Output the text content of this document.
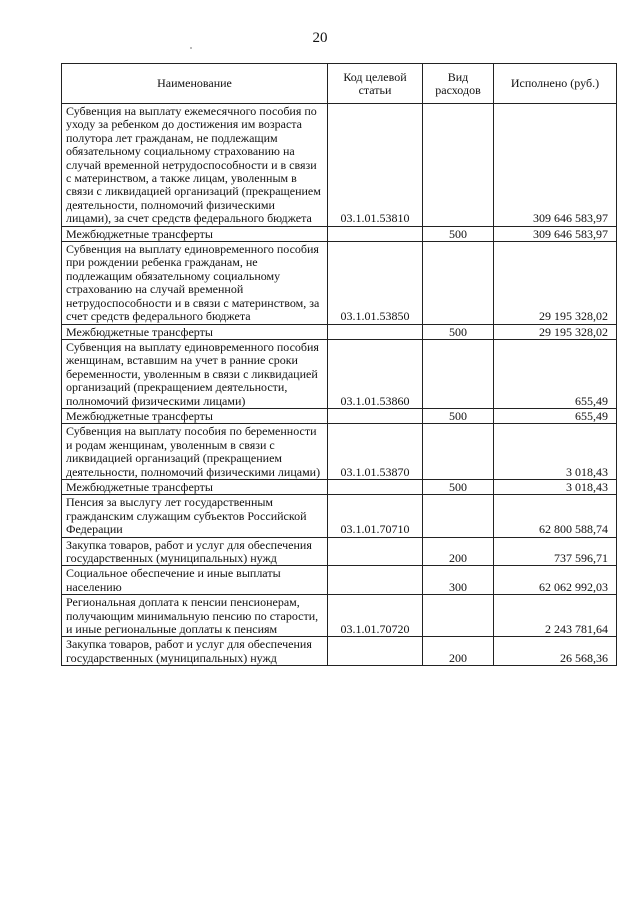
20
Наименование	Код целевой статьи	Вид расходов	Исполнено (руб.)
Субвенция на выплату ежемесячного пособия по уходу за ребенком до достижения им возраста полутора лет гражданам, не подлежащим обязательному социальному страхованию на случай временной нетрудоспособности и в связи с материнством, а также лицам, уволенным в связи с ликвидацией организаций (прекращением деятельности, полномочий физическими лицами), за счет средств федерального бюджета	03.1.01.53810		309 646 583,97
Межбюджетные трансферты		500	309 646 583,97
Субвенция на выплату единовременного пособия при рождении ребенка гражданам, не подлежащим обязательному социальному страхованию на случай временной нетрудоспособности и в связи с материнством, за счет средств федерального бюджета	03.1.01.53850		29 195 328,02
Межбюджетные трансферты		500	29 195 328,02
Субвенция на выплату единовременного пособия женщинам, вставшим на учет в ранние сроки беременности, уволенным в связи с ликвидацией организаций (прекращением деятельности, полномочий физическими лицами)	03.1.01.53860		655,49
Межбюджетные трансферты		500	655,49
Субвенция на выплату пособия по беременности и родам женщинам, уволенным в связи с ликвидацией организаций (прекращением деятельности, полномочий физическими лицами)	03.1.01.53870		3 018,43
Межбюджетные трансферты		500	3 018,43
Пенсия за выслугу лет государственным гражданским служащим субъектов Российской Федерации	03.1.01.70710		62 800 588,74
Закупка товаров, работ и услуг для обеспечения государственных (муниципальных) нужд		200	737 596,71
Социальное обеспечение и иные выплаты населению		300	62 062 992,03
Региональная доплата к пенсии пенсионерам, получающим минимальную пенсию по старости, и иные региональные доплаты к пенсиям	03.1.01.70720		2 243 781,64
Закупка товаров, работ и услуг для обеспечения государственных (муниципальных) нужд		200	26 568,36
